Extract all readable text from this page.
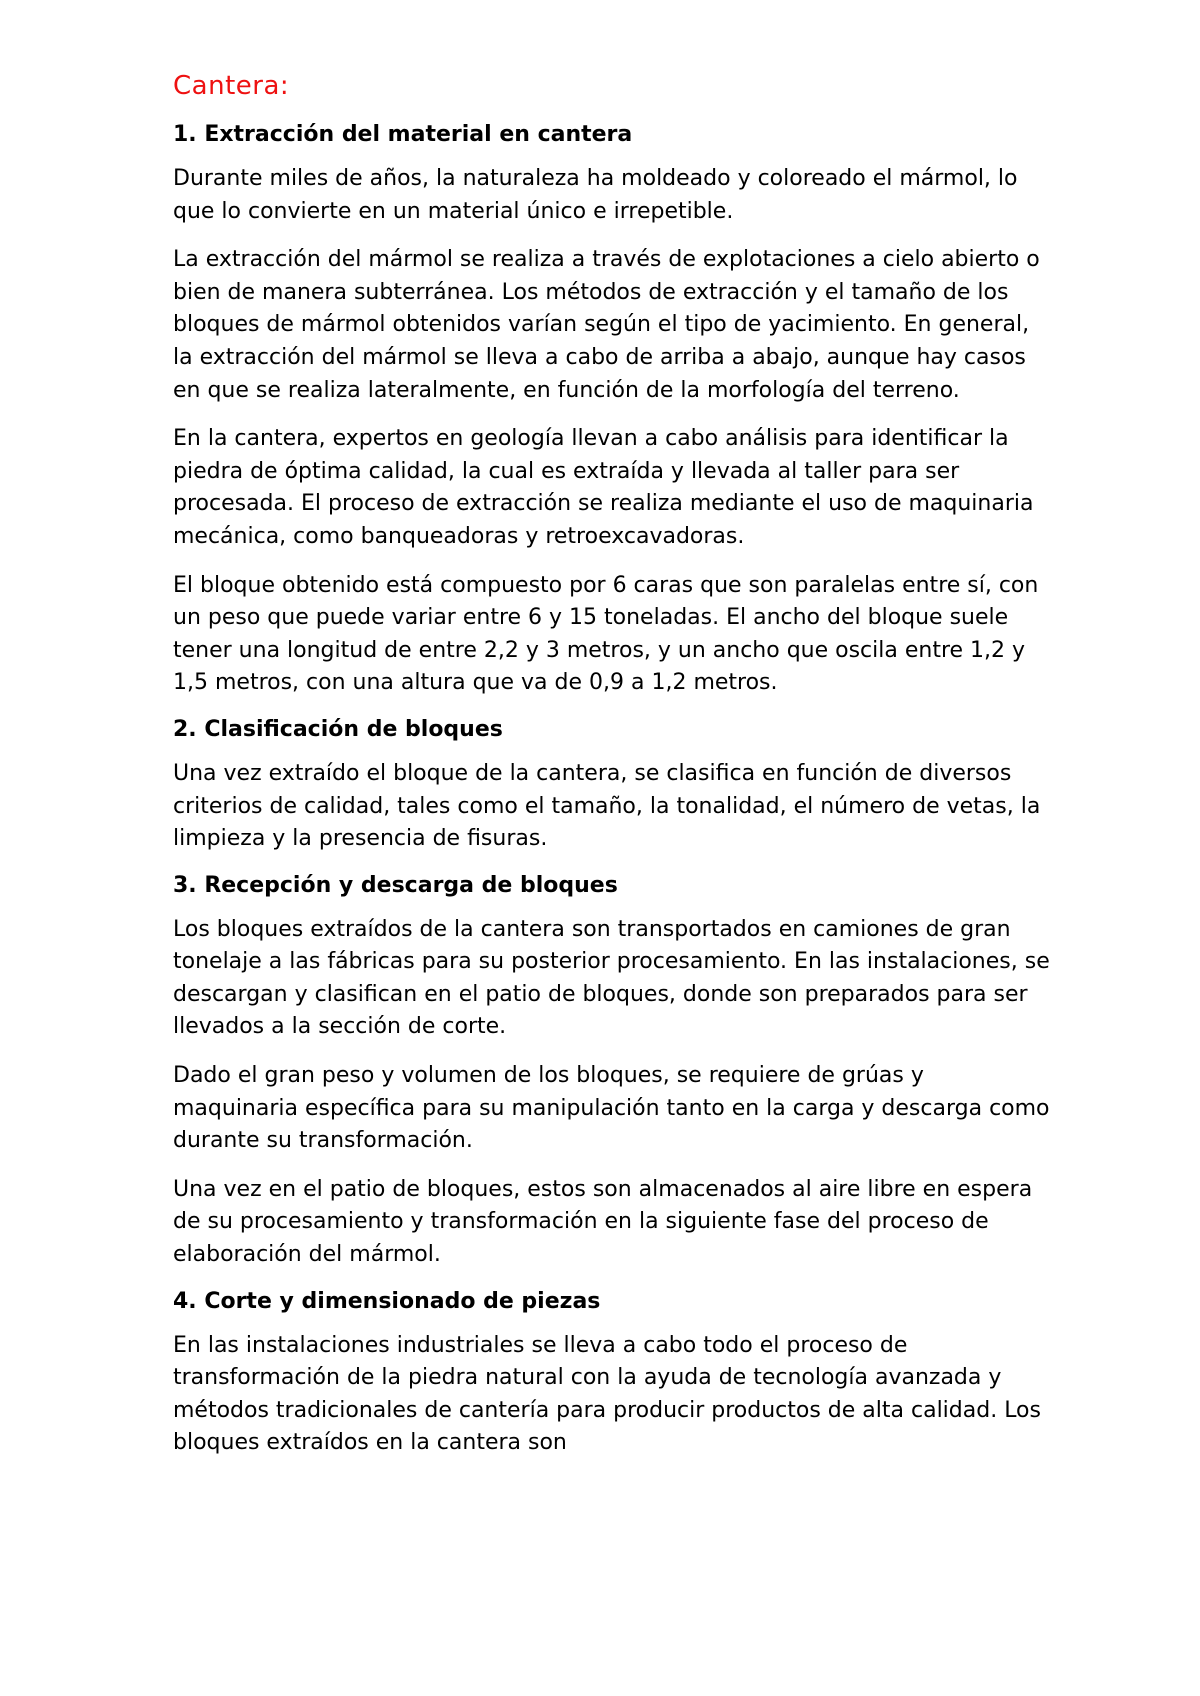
Cantera:
1. Extracción del material en cantera

Durante miles de años, la naturaleza ha moldeado y coloreado el mármol, lo que lo convierte en un material único e irrepetible.

La extracción del mármol se realiza a través de explotaciones a cielo abierto o bien de manera subterránea. Los métodos de extracción y el tamaño de los bloques de mármol obtenidos varían según el tipo de yacimiento. En general, la extracción del mármol se lleva a cabo de arriba a abajo, aunque hay casos en que se realiza lateralmente, en función de la morfología del terreno.

En la cantera, expertos en geología llevan a cabo análisis para identificar la piedra de óptima calidad, la cual es extraída y llevada al taller para ser procesada. El proceso de extracción se realiza mediante el uso de maquinaria mecánica, como banqueadoras y retroexcavadoras.

El bloque obtenido está compuesto por 6 caras que son paralelas entre sí, con un peso que puede variar entre 6 y 15 toneladas. El ancho del bloque suele tener una longitud de entre 2,2 y 3 metros, y un ancho que oscila entre 1,2 y 1,5 metros, con una altura que va de 0,9 a 1,2 metros.

2. Clasificación de bloques

Una vez extraído el bloque de la cantera, se clasifica en función de diversos criterios de calidad, tales como el tamaño, la tonalidad, el número de vetas, la limpieza y la presencia de fisuras.

3. Recepción y descarga de bloques

Los bloques extraídos de la cantera son transportados en camiones de gran tonelaje a las fábricas para su posterior procesamiento. En las instalaciones, se descargan y clasifican en el patio de bloques, donde son preparados para ser llevados a la sección de corte.

Dado el gran peso y volumen de los bloques, se requiere de grúas y maquinaria específica para su manipulación tanto en la carga y descarga como durante su transformación.

Una vez en el patio de bloques, estos son almacenados al aire libre en espera de su procesamiento y transformación en la siguiente fase del proceso de elaboración del mármol.

4. Corte y dimensionado de piezas

En las instalaciones industriales se lleva a cabo todo el proceso de transformación de la piedra natural con la ayuda de tecnología avanzada y métodos tradicionales de cantería para producir productos de alta calidad. Los bloques extraídos en la cantera son
